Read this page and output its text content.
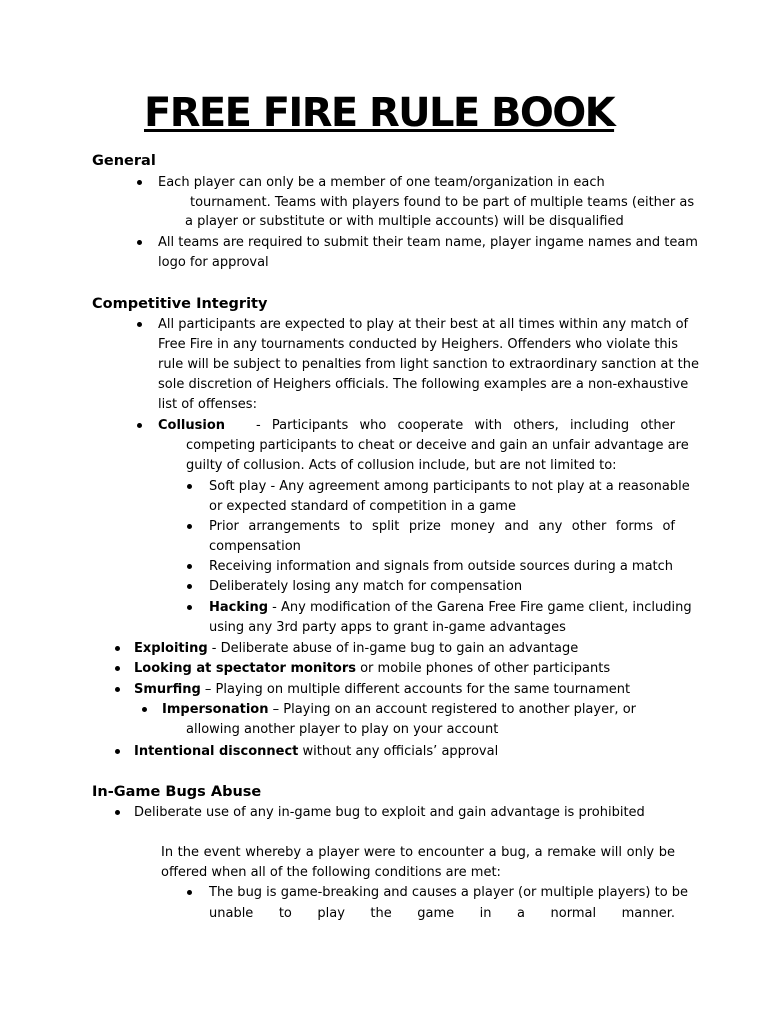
FREE FIRE RULE BOOK
General
Each player can only be a member of one team/organization in each
tournament. Teams with players found to be part of multiple teams (either as
a player or substitute or with multiple accounts) will be disqualified
All teams are required to submit their team name, player ingame names and team
logo for approval
Competitive Integrity
All participants are expected to play at their best at all times within any match of
Free Fire in any tournaments conducted by Heighers. Offenders who violate this
rule will be subject to penalties from light sanction to extraordinary sanction at the
sole discretion of Heighers officials. The following examples are a non-exhaustive
list of offenses:
Collusion - Participants who cooperate with others, including other
competing participants to cheat or deceive and gain an unfair advantage are
guilty of collusion. Acts of collusion include, but are not limited to:
Soft play - Any agreement among participants to not play at a reasonable
or expected standard of competition in a game
Prior arrangements to split prize money and any other forms of
compensation
Receiving information and signals from outside sources during a match
Deliberately losing any match for compensation
Hacking - Any modification of the Garena Free Fire game client, including
using any 3rd party apps to grant in-game advantages
Exploiting - Deliberate abuse of in-game bug to gain an advantage
Looking at spectator monitors or mobile phones of other participants
Smurfing – Playing on multiple different accounts for the same tournament
Impersonation – Playing on an account registered to another player, or
allowing another player to play on your account
Intentional disconnect without any officials’ approval
In-Game Bugs Abuse
Deliberate use of any in-game bug to exploit and gain advantage is prohibited
In the event whereby a player were to encounter a bug, a remake will only be
offered when all of the following conditions are met:
The bug is game-breaking and causes a player (or multiple players) to be
unable to play the game in a normal manner.
